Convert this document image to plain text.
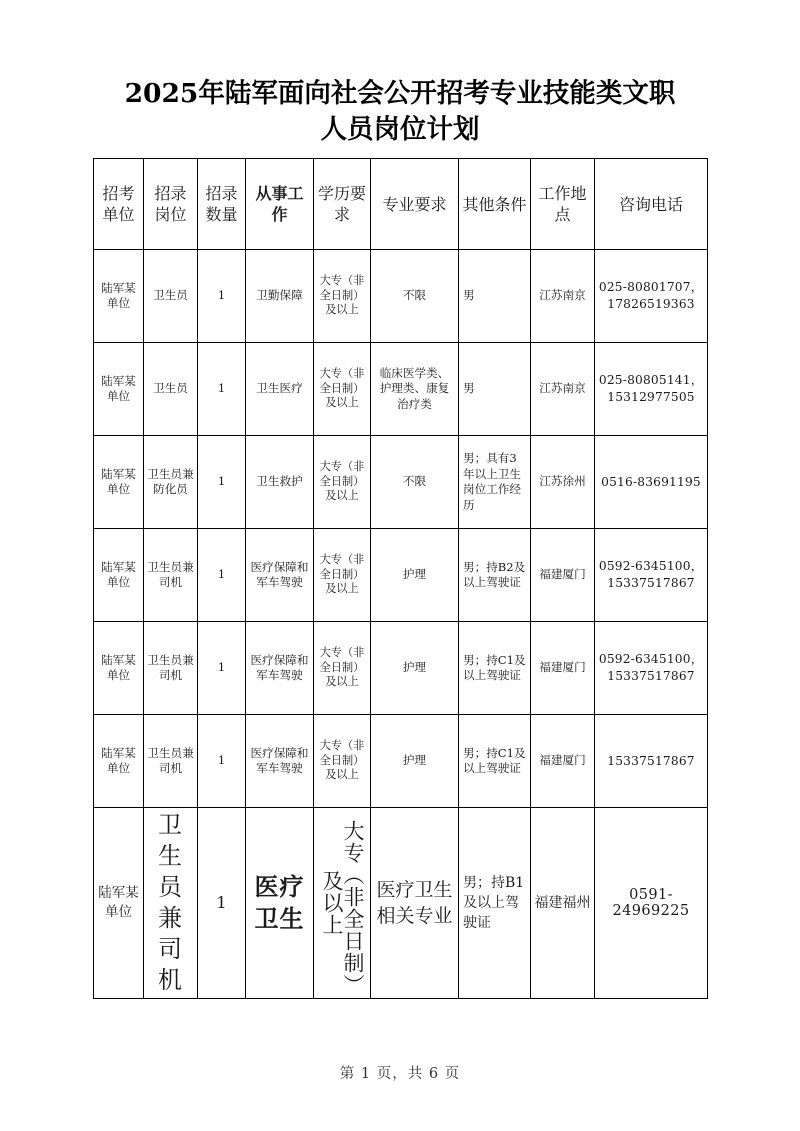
2025年陆军面向社会公开招考专业技能类文职
人员岗位计划
招考单位	招录岗位	招录数量	从事工作	学历要求	专业要求	其他条件	工作地点	咨询电话
陆军某单位	卫生员	1	卫勤保障	大专（非全日制）及以上	不限	男	江苏南京	025-80801707，17826519363
陆军某单位	卫生员	1	卫生医疗	大专（非全日制）及以上	临床医学类、护理类、康复治疗类	男	江苏南京	025-80805141，15312977505
陆军某单位	卫生员兼防化员	1	卫生救护	大专（非全日制）及以上	不限	男；具有3年以上卫生岗位工作经历	江苏徐州	0516-83691195
陆军某单位	卫生员兼司机	1	医疗保障和军车驾驶	大专（非全日制）及以上	护理	男；持B2及以上驾驶证	福建厦门	0592-6345100，15337517867
陆军某单位	卫生员兼司机	1	医疗保障和军车驾驶	大专（非全日制）及以上	护理	男；持C1及以上驾驶证	福建厦门	0592-6345100，15337517867
陆军某单位	卫生员兼司机	1	医疗保障和军车驾驶	大专（非全日制）及以上	护理	男；持C1及以上驾驶证	福建厦门	15337517867
陆军某单位	卫生员兼司机	1	医疗卫生	大专（非全日制）及以上	医疗卫生相关专业	男；持B1及以上驾驶证	福建福州	0591-24969225
第 1 页，共 6 页
